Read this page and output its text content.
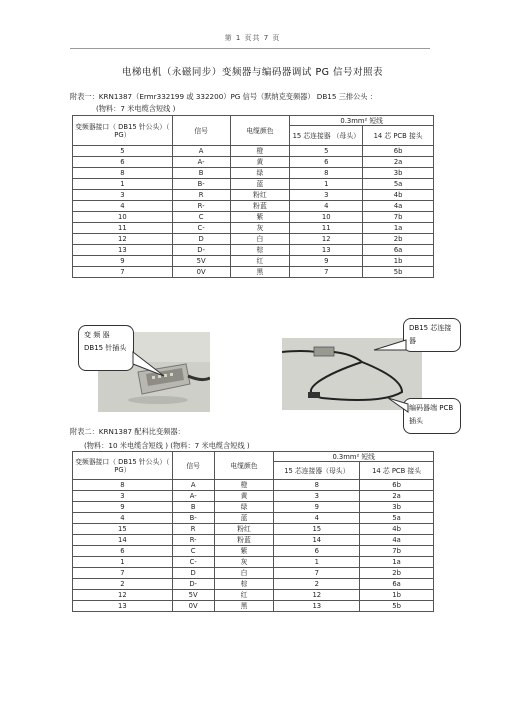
第 1 页共 7 页
电梯电机（永磁同步）变频器与编码器调试 PG 信号对照表
附表一：KRN1387（Ermr332199 或 332200）PG 信号（默纳克变频器） DB15 三排公头 ：
(物料：7 米电缆含短线 )
变频器接口（ DB15 针公头）（ PG）	信号	电缆颜色	0.3mm² 短线	
			15 芯连接器 （母头）	14 芯 PCB 接头
5	A	橙	5	6b
6	A-	黄	6	2a
8	B	绿	8	3b
1	B-	蓝	1	5a
3	R	粉红	3	4b
4	R-	粉蓝	4	4a
10	C	紫	10	7b
11	C-	灰	11	1a
12	D	白	12	2b
13	D-	棕	13	6a
9	5V	红	9	1b
7	0V	黑	7	5b
变 频 器 DB15 针插头
DB15 芯连接器
编码器端 PCB 插头
附表二：KRN1387 配科比变频器：
(物料：10 米电缆含短线 ) (物料：7 米电缆含短线 )
变频器接口（ DB15 针公头）（ PG）	信号	电缆颜色	0.3mm² 短线	
			15 芯连接器（母头）	14 芯 PCB 接头
8	A	橙	8	6b
3	A-	黄	3	2a
9	B	绿	9	3b
4	B-	蓝	4	5a
15	R	粉红	15	4b
14	R-	粉蓝	14	4a
6	C	紫	6	7b
1	C-	灰	1	1a
7	D	白	7	2b
2	D-	棕	2	6a
12	5V	红	12	1b
13	0V	黑	13	5b
